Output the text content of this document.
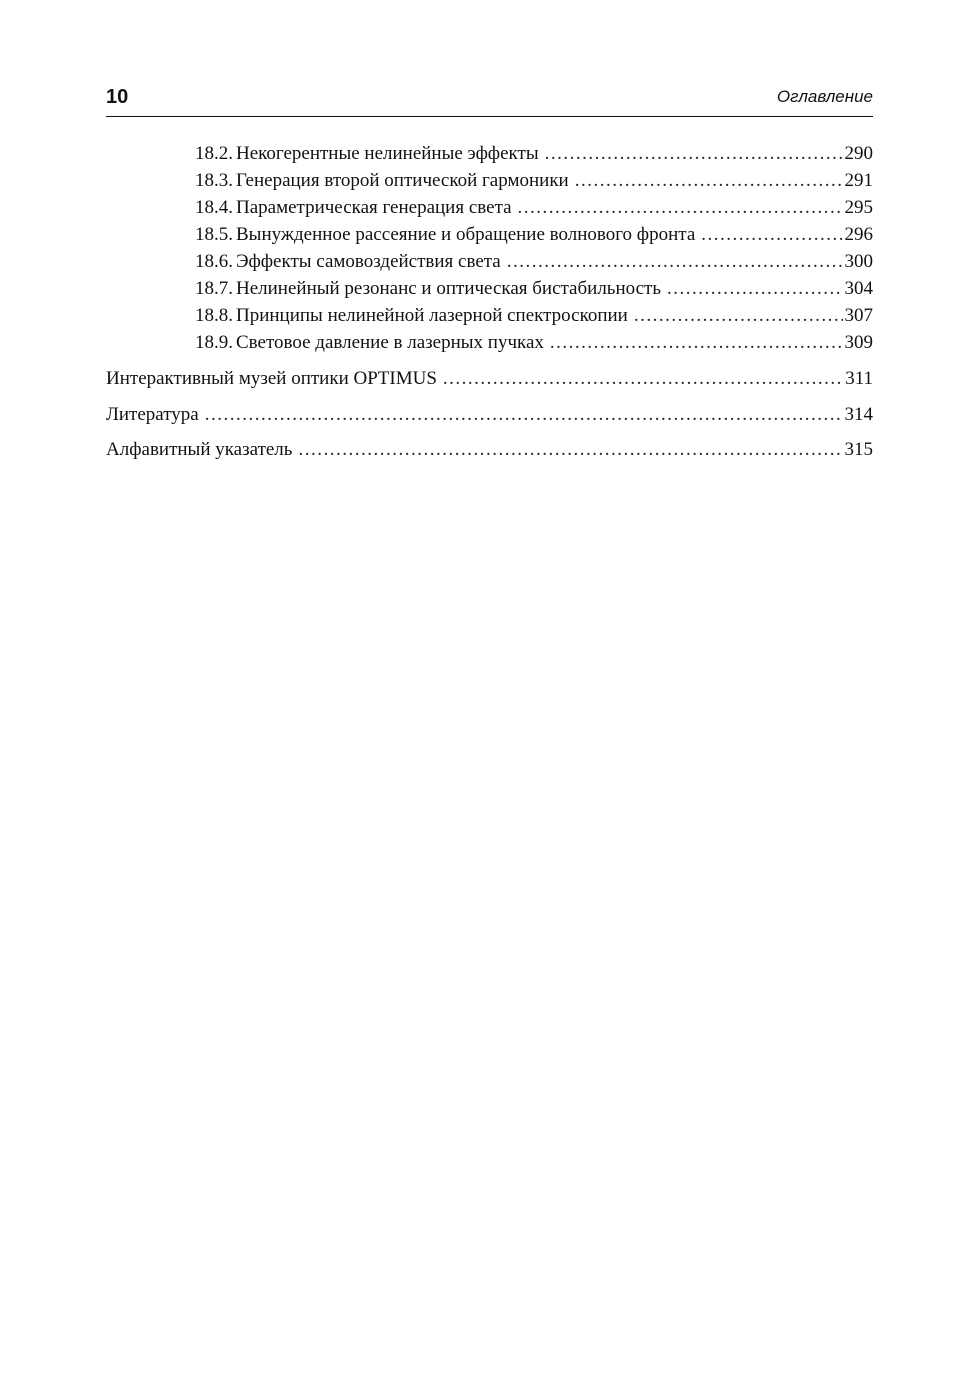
10	Оглавление
18.2. Некогерентные нелинейные эффекты .....	290
18.3. Генерация второй оптической гармоники .....	291
18.4. Параметрическая генерация света .....	295
18.5. Вынужденное рассеяние и обращение волнового фронта .....	296
18.6. Эффекты самовоздействия света .....	300
18.7. Нелинейный резонанс и оптическая бистабильность .....	304
18.8. Принципы нелинейной лазерной спектроскопии .....	307
18.9. Световое давление в лазерных пучках .....	309
Интерактивный музей оптики OPTIMUS .....	311
Литература .....	314
Алфавитный указатель .....	315
